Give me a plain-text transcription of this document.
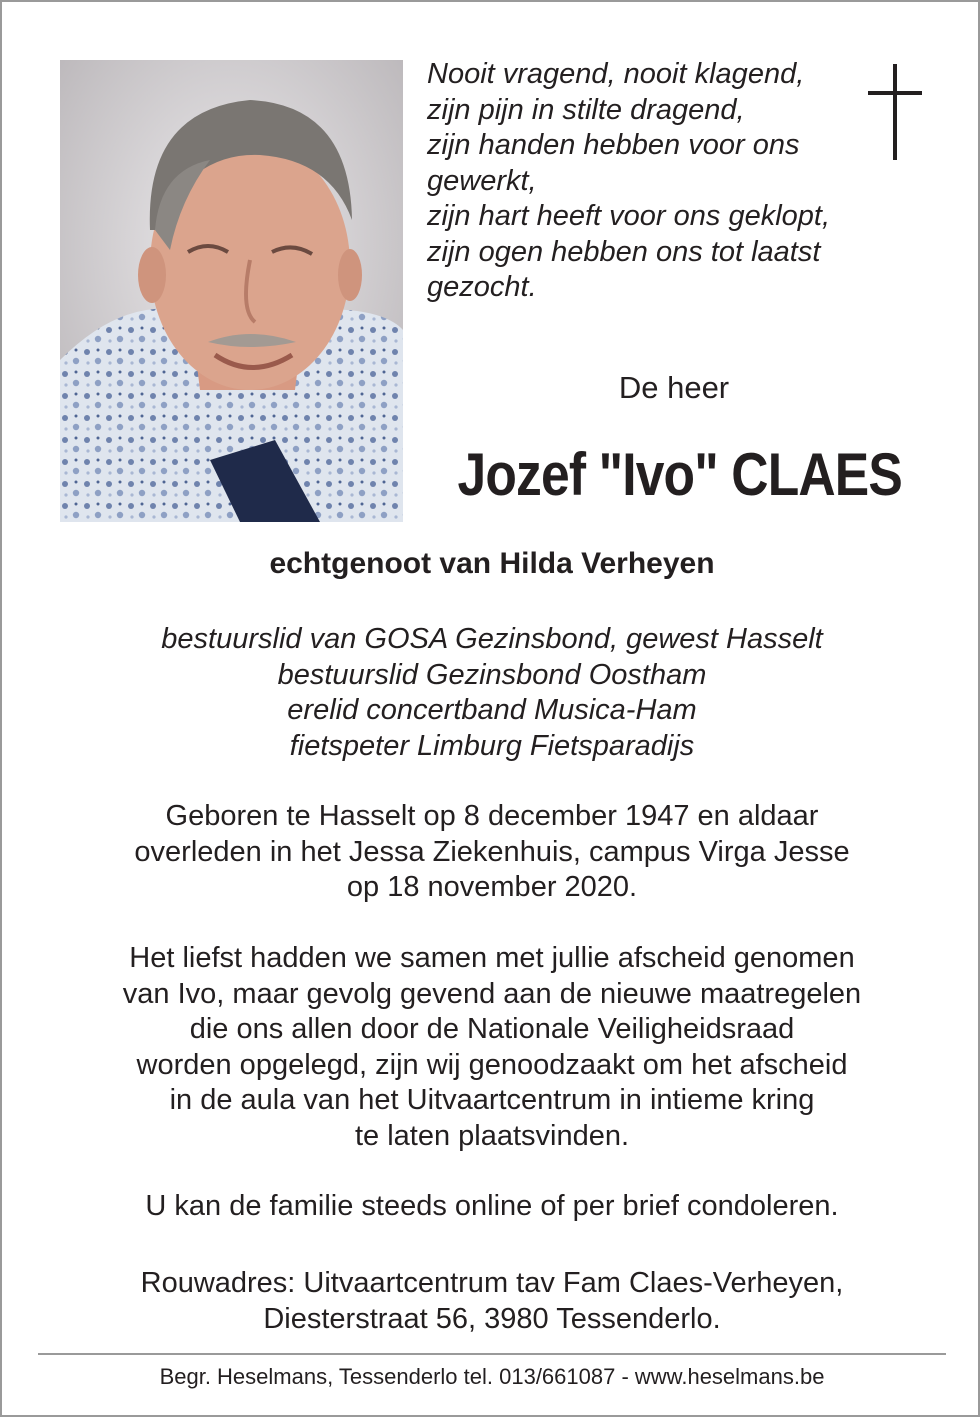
Nooit vragend, nooit klagend,
zijn pijn in stilte dragend,
zijn handen hebben voor ons
gewerkt,
zijn hart heeft voor ons geklopt,
zijn ogen hebben ons tot laatst
gezocht.
De heer
Jozef "Ivo" CLAES
echtgenoot van Hilda Verheyen
bestuurslid van GOSA Gezinsbond, gewest Hasselt
bestuurslid Gezinsbond Oostham
erelid concertband Musica-Ham
fietspeter Limburg Fietsparadijs
Geboren te Hasselt op 8 december 1947 en aldaar
overleden in het Jessa Ziekenhuis, campus Virga Jesse
op 18 november 2020.
Het liefst hadden we samen met jullie afscheid genomen
van Ivo, maar gevolg gevend aan de nieuwe maatregelen
die ons allen door de Nationale Veiligheidsraad
worden opgelegd, zijn wij genoodzaakt om het afscheid
in de aula van het Uitvaartcentrum in intieme kring
te laten plaatsvinden.
U kan de familie steeds online of per brief condoleren.
Rouwadres: Uitvaartcentrum tav Fam Claes-Verheyen,
Diesterstraat 56, 3980 Tessenderlo.
Begr. Heselmans, Tessenderlo tel. 013/661087 - www.heselmans.be
